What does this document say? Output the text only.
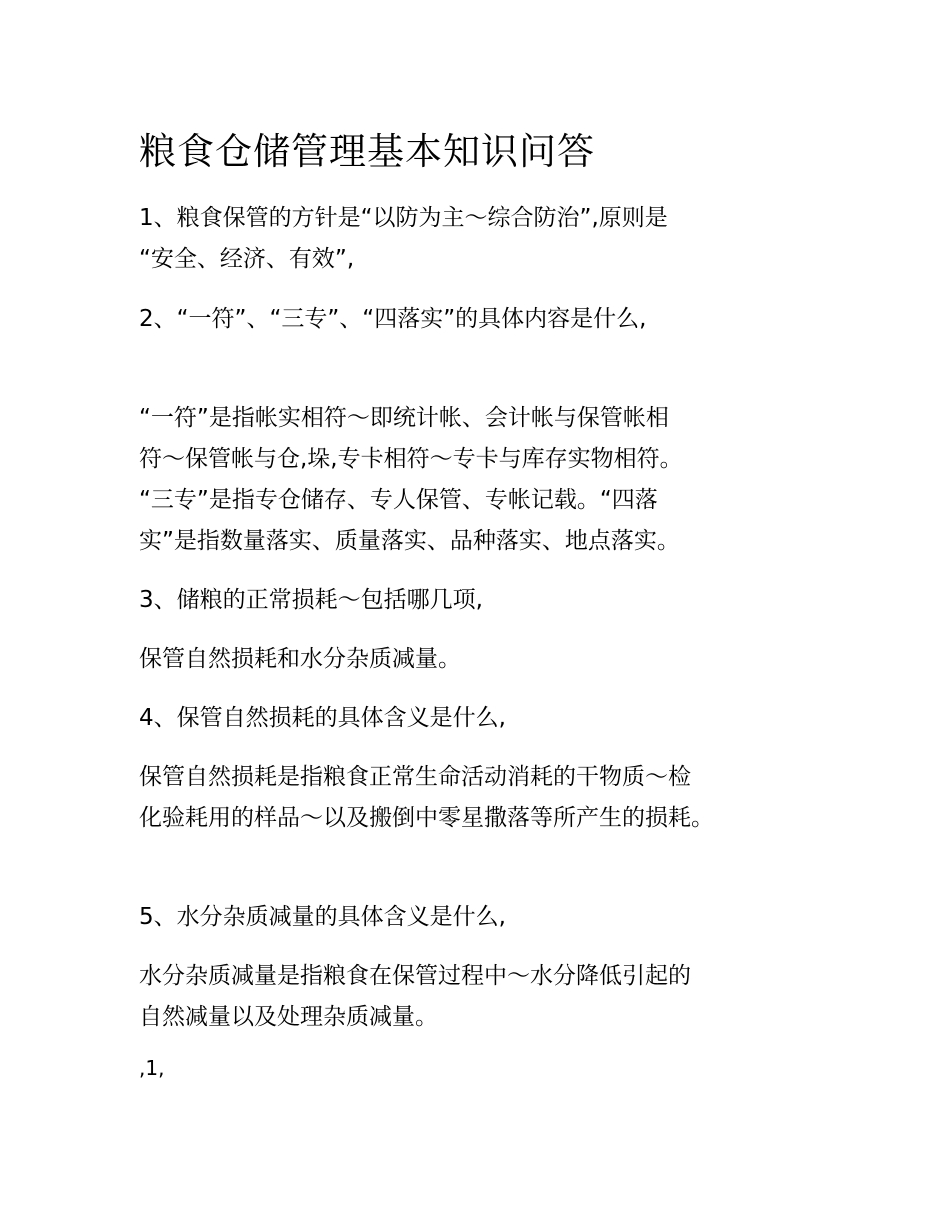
粮食仓储管理基本知识问答

1、粮食保管的方针是“以防为主～综合防治”,原则是
“安全、经济、有效”,

2、“一符”、“三专”、“四落实”的具体内容是什么,

“一符”是指帐实相符～即统计帐、会计帐与保管帐相
符～保管帐与仓,垛,专卡相符～专卡与库存实物相符。
“三专”是指专仓储存、专人保管、专帐记载。“四落
实”是指数量落实、质量落实、品种落实、地点落实。

3、储粮的正常损耗～包括哪几项,

保管自然损耗和水分杂质减量。

4、保管自然损耗的具体含义是什么,

保管自然损耗是指粮食正常生命活动消耗的干物质～检
化验耗用的样品～以及搬倒中零星撒落等所产生的损耗。

5、水分杂质减量的具体含义是什么,

水分杂质减量是指粮食在保管过程中～水分降低引起的
自然减量以及处理杂质减量。

,1,
